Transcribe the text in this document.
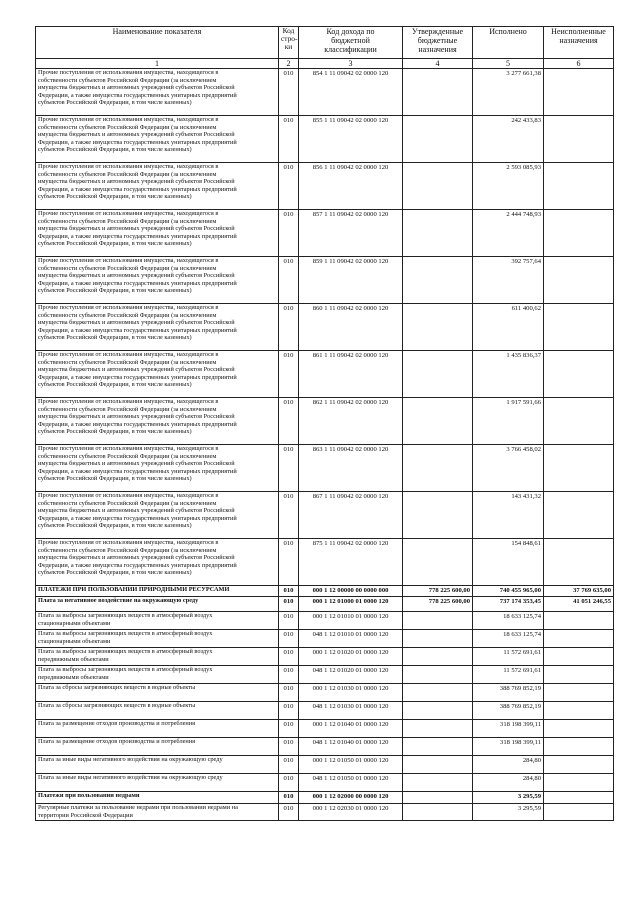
Наименование показателя	Код
стро-
ки	Код дохода по
бюджетной
классификации	Утвержденные
бюджетные
назначения	Исполнено	Неисполненные
назначения
1	2	3	4	5	6
Прочие поступления от использования имущества, находящегося в
собственности субъектов Российской Федерации (за исключением
имущества бюджетных и автономных учреждений субъектов Российской
Федерации, а также имущества государственных унитарных предприятий
субъектов Российской Федерации, в том числе казенных)	010	854 1 11 09042 02 0000 120		3 277 661,38	
Прочие поступления от использования имущества, находящегося в
собственности субъектов Российской Федерации (за исключением
имущества бюджетных и автономных учреждений субъектов Российской
Федерации, а также имущества государственных унитарных предприятий
субъектов Российской Федерации, в том числе казенных)	010	855 1 11 09042 02 0000 120		242 433,83	
Прочие поступления от использования имущества, находящегося в
собственности субъектов Российской Федерации (за исключением
имущества бюджетных и автономных учреждений субъектов Российской
Федерации, а также имущества государственных унитарных предприятий
субъектов Российской Федерации, в том числе казенных)	010	856 1 11 09042 02 0000 120		2 593 085,93	
Прочие поступления от использования имущества, находящегося в
собственности субъектов Российской Федерации (за исключением
имущества бюджетных и автономных учреждений субъектов Российской
Федерации, а также имущества государственных унитарных предприятий
субъектов Российской Федерации, в том числе казенных)	010	857 1 11 09042 02 0000 120		2 444 748,93	
Прочие поступления от использования имущества, находящегося в
собственности субъектов Российской Федерации (за исключением
имущества бюджетных и автономных учреждений субъектов Российской
Федерации, а также имущества государственных унитарных предприятий
субъектов Российской Федерации, в том числе казенных)	010	859 1 11 09042 02 0000 120		392 757,64	
Прочие поступления от использования имущества, находящегося в
собственности субъектов Российской Федерации (за исключением
имущества бюджетных и автономных учреждений субъектов Российской
Федерации, а также имущества государственных унитарных предприятий
субъектов Российской Федерации, в том числе казенных)	010	860 1 11 09042 02 0000 120		611 400,62	
Прочие поступления от использования имущества, находящегося в
собственности субъектов Российской Федерации (за исключением
имущества бюджетных и автономных учреждений субъектов Российской
Федерации, а также имущества государственных унитарных предприятий
субъектов Российской Федерации, в том числе казенных)	010	861 1 11 09042 02 0000 120		1 435 836,37	
Прочие поступления от использования имущества, находящегося в
собственности субъектов Российской Федерации (за исключением
имущества бюджетных и автономных учреждений субъектов Российской
Федерации, а также имущества государственных унитарных предприятий
субъектов Российской Федерации, в том числе казенных)	010	862 1 11 09042 02 0000 120		1 917 591,66	
Прочие поступления от использования имущества, находящегося в
собственности субъектов Российской Федерации (за исключением
имущества бюджетных и автономных учреждений субъектов Российской
Федерации, а также имущества государственных унитарных предприятий
субъектов Российской Федерации, в том числе казенных)	010	863 1 11 09042 02 0000 120		3 766 458,02	
Прочие поступления от использования имущества, находящегося в
собственности субъектов Российской Федерации (за исключением
имущества бюджетных и автономных учреждений субъектов Российской
Федерации, а также имущества государственных унитарных предприятий
субъектов Российской Федерации, в том числе казенных)	010	867 1 11 09042 02 0000 120		143 431,32	
Прочие поступления от использования имущества, находящегося в
собственности субъектов Российской Федерации (за исключением
имущества бюджетных и автономных учреждений субъектов Российской
Федерации, а также имущества государственных унитарных предприятий
субъектов Российской Федерации, в том числе казенных)	010	875 1 11 09042 02 0000 120		154 848,61	
ПЛАТЕЖИ ПРИ ПОЛЬЗОВАНИИ ПРИРОДНЫМИ РЕСУРСАМИ	010	000 1 12 00000 00 0000 000	778 225 600,00	740 455 965,00	37 769 635,00
Плата за негативное воздействие на окружающую среду	010	000 1 12 01000 01 0000 120	778 225 600,00	737 174 353,45	41 051 246,55
Плата за выбросы загрязняющих веществ в атмосферный воздух
стационарными объектами	010	000 1 12 01010 01 0000 120		18 633 125,74	
Плата за выбросы загрязняющих веществ в атмосферный воздух
стационарными объектами	010	048 1 12 01010 01 0000 120		18 633 125,74	
Плата за выбросы загрязняющих веществ в атмосферный воздух
передвижными объектами	010	000 1 12 01020 01 0000 120		11 572 691,61	
Плата за выбросы загрязняющих веществ в атмосферный воздух
передвижными объектами	010	048 1 12 01020 01 0000 120		11 572 691,61	
Плата за сбросы загрязняющих веществ в водные объекты	010	000 1 12 01030 01 0000 120		388 769 852,19	
Плата за сбросы загрязняющих веществ в водные объекты	010	048 1 12 01030 01 0000 120		388 769 852,19	
Плата за размещение отходов производства и потребления	010	000 1 12 01040 01 0000 120		318 198 399,11	
Плата за размещение отходов производства и потребления	010	048 1 12 01040 01 0000 120		318 198 399,11	
Плата за иные виды негативного воздействия на окружающую среду	010	000 1 12 01050 01 0000 120		284,80	
Плата за иные виды негативного воздействия на окружающую среду	010	048 1 12 01050 01 0000 120		284,80	
Платежи при пользовании недрами	010	000 1 12 02000 00 0000 120		3 295,59	
Регулярные платежи за пользование недрами при пользовании недрами на
территории Российской Федерации	010	000 1 12 02030 01 0000 120		3 295,59	
